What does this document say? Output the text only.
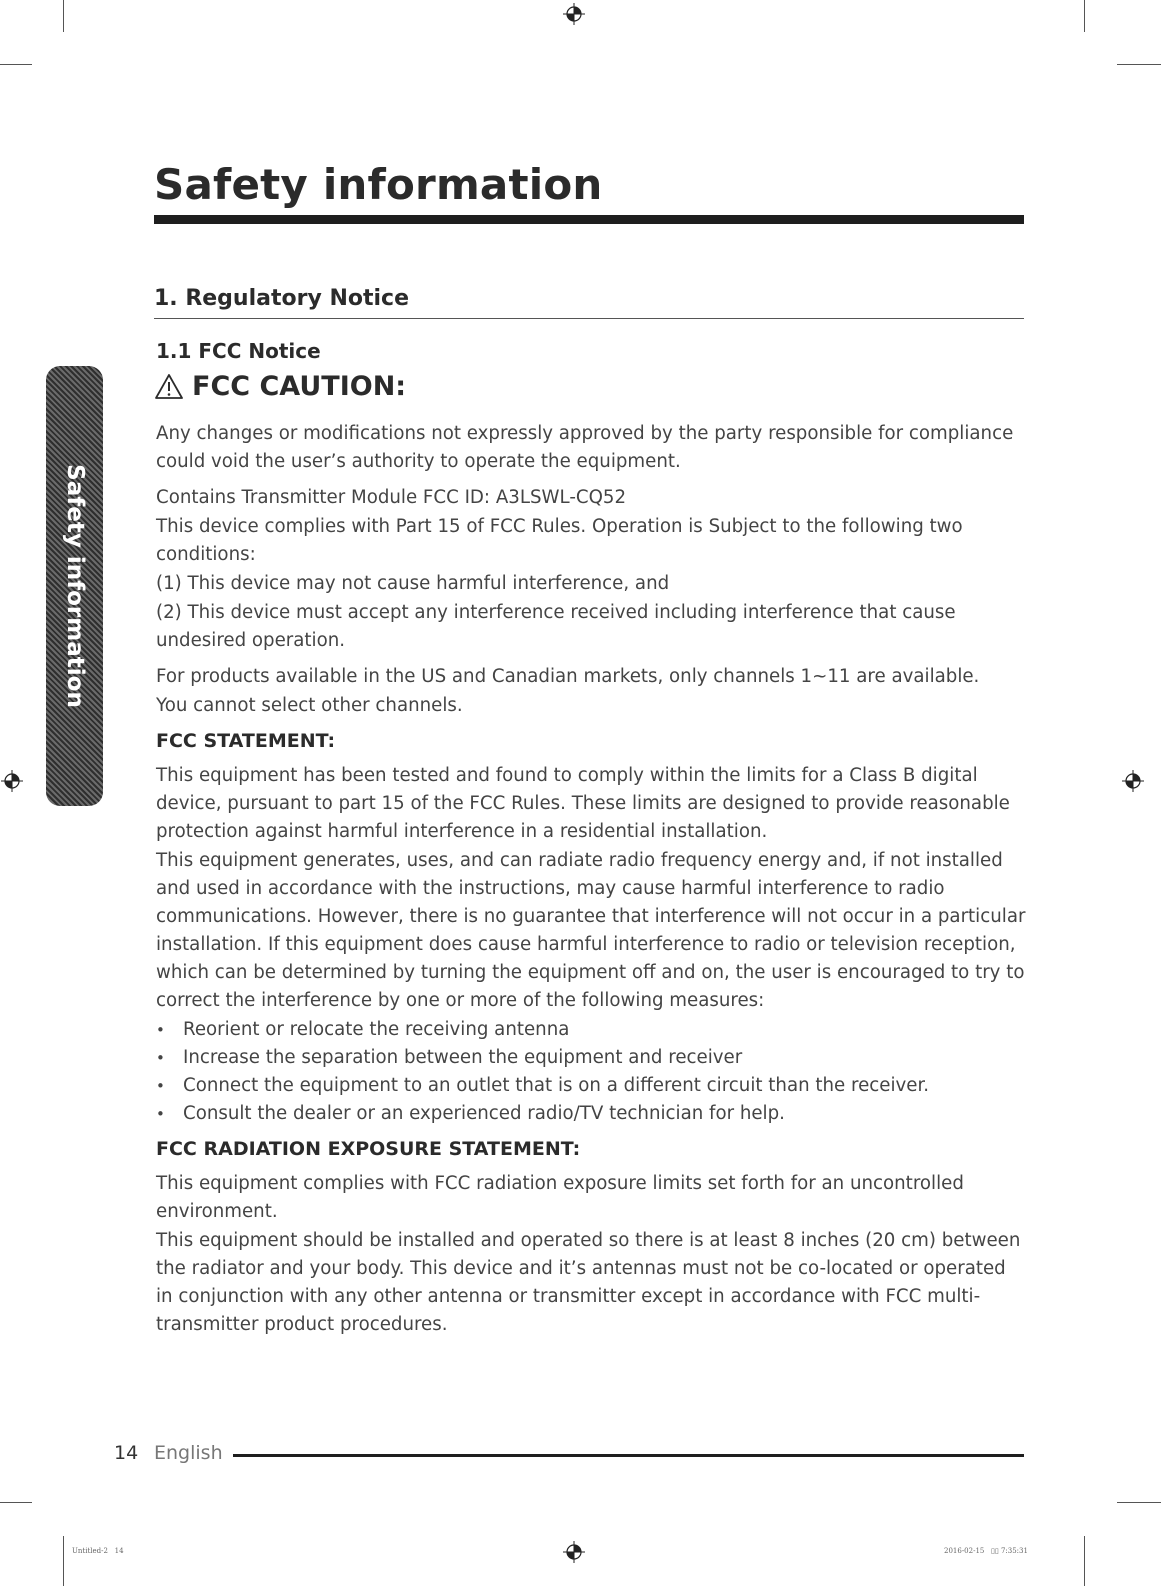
Safety information
Safety information
1. Regulatory Notice
1.1 FCC Notice
FCC CAUTION:

Any changes or modifications not expressly approved by the party responsible for compliance could void the user’s authority to operate the equipment.

Contains Transmitter Module FCC ID: A3LSWL-CQ52

This device complies with Part 15 of FCC Rules. Operation is Subject to the following two conditions:

(1) This device may not cause harmful interference, and

(2) This device must accept any interference received including interference that cause undesired operation.

For products available in the US and Canadian markets, only channels 1~11 are available.

You cannot select other channels.

FCC STATEMENT:

This equipment has been tested and found to comply within the limits for a Class B digital device, pursuant to part 15 of the FCC Rules. These limits are designed to provide reasonable protection against harmful interference in a residential installation.

This equipment generates, uses, and can radiate radio frequency energy and, if not installed and used in accordance with the instructions, may cause harmful interference to radio communications. However, there is no guarantee that interference will not occur in a particular installation. If this equipment does cause harmful interference to radio or television reception, which can be determined by turning the equipment off and on, the user is encouraged to try to correct the interference by one or more of the following measures:

• Reorient or relocate the receiving antenna
• Increase the separation between the equipment and receiver
• Connect the equipment to an outlet that is on a different circuit than the receiver.
• Consult the dealer or an experienced radio/TV technician for help.
FCC RADIATION EXPOSURE STATEMENT:

This equipment complies with FCC radiation exposure limits set forth for an uncontrolled environment.

This equipment should be installed and operated so there is at least 8 inches (20 cm) between the radiator and your body. This device and it’s antennas must not be co-located or operated in conjunction with any other antenna or transmitter except in accordance with FCC multi-transmitter product procedures.

14 English
Untitled-2   14	2016-02-15   ▯▯ 7:35:31
